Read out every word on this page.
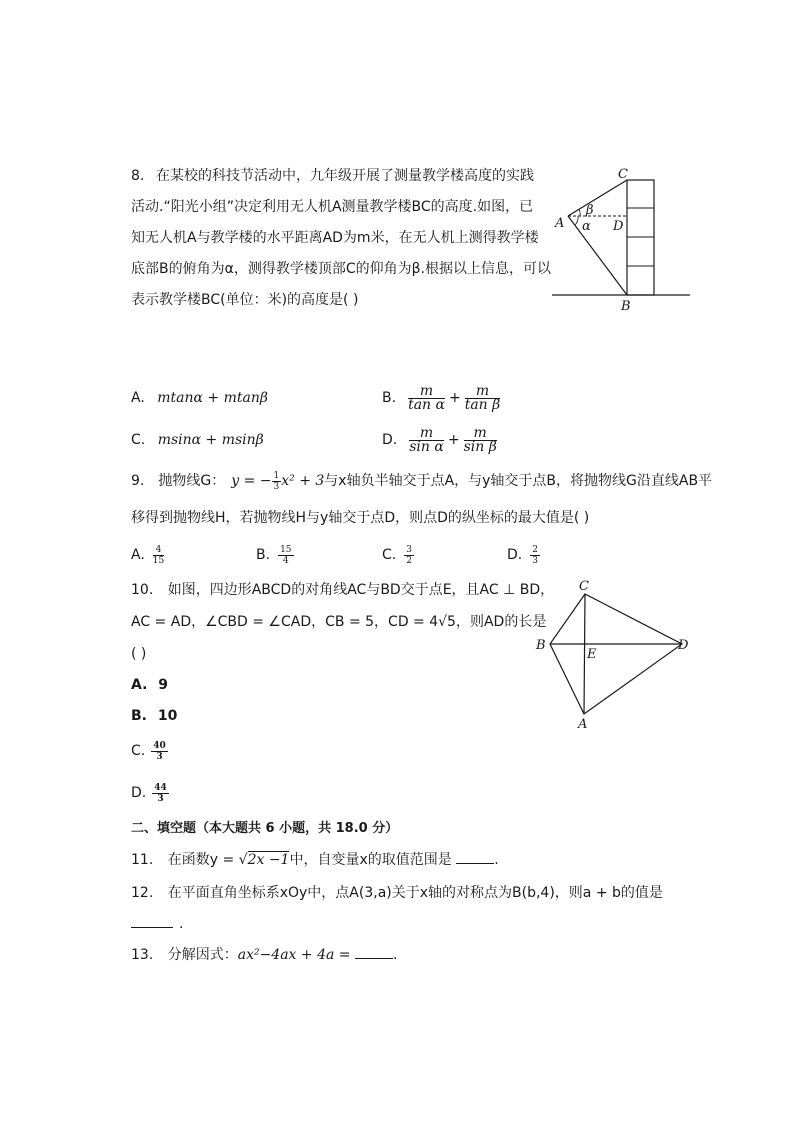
8. 在某校的科技节活动中，九年级开展了测量教学楼高度的实践
活动.“阳光小组”决定利用无人机A测量教学楼BC的高度.如图，已
知无人机A与教学楼的水平距离AD为m米，在无人机上测得教学楼
底部B的俯角为α，测得教学楼顶部C的仰角为β.根据以上信息，可以
表示教学楼BC(单位：米)的高度是( )
C
A	D
B
β
α
A. mtanα + mtanβ	B. $\frac{m}{\text{tan α}} + \frac{m}{\text{tan β}}$
C. msinα + msinβ	D. $\frac{m}{\text{sin α}} + \frac{m}{\text{sin β}}$
9. 抛物线G： y = − $\frac{1}{3} x^2 + 3$ 与x轴负半轴交于点A，与y轴交于点B，将抛物线G沿直线AB平
移得到抛物线H，若抛物线H与y轴交于点D，则点D的纵坐标的最大值是( )
A. $\frac{4}{15}$	B. $\frac{15}{4}$	C. $\frac{3}{2}$	D. $\frac{2}{3}$
10. 如图，四边形ABCD的对角线AC与BD交于点E，且AC ⊥ BD，
AC = AD，∠CBD = ∠CAD，CB = 5，CD = 4√5，则AD的长是
( )
A. 9
B. 10
C. $\frac{40}{3}$
D. $\frac{44}{3}$
C
B
E
D
A
二、填空题（本大题共 6 小题，共 18.0 分）
11. 在函数y = √2x −1中，自变量x的取值范围是	.
12. 在平面直角坐标系xOy中，点A(3,a)关于x轴的对称点为B(b,4)，则a + b的值是
.
13. 分解因式：ax²−4ax + 4a =	.
